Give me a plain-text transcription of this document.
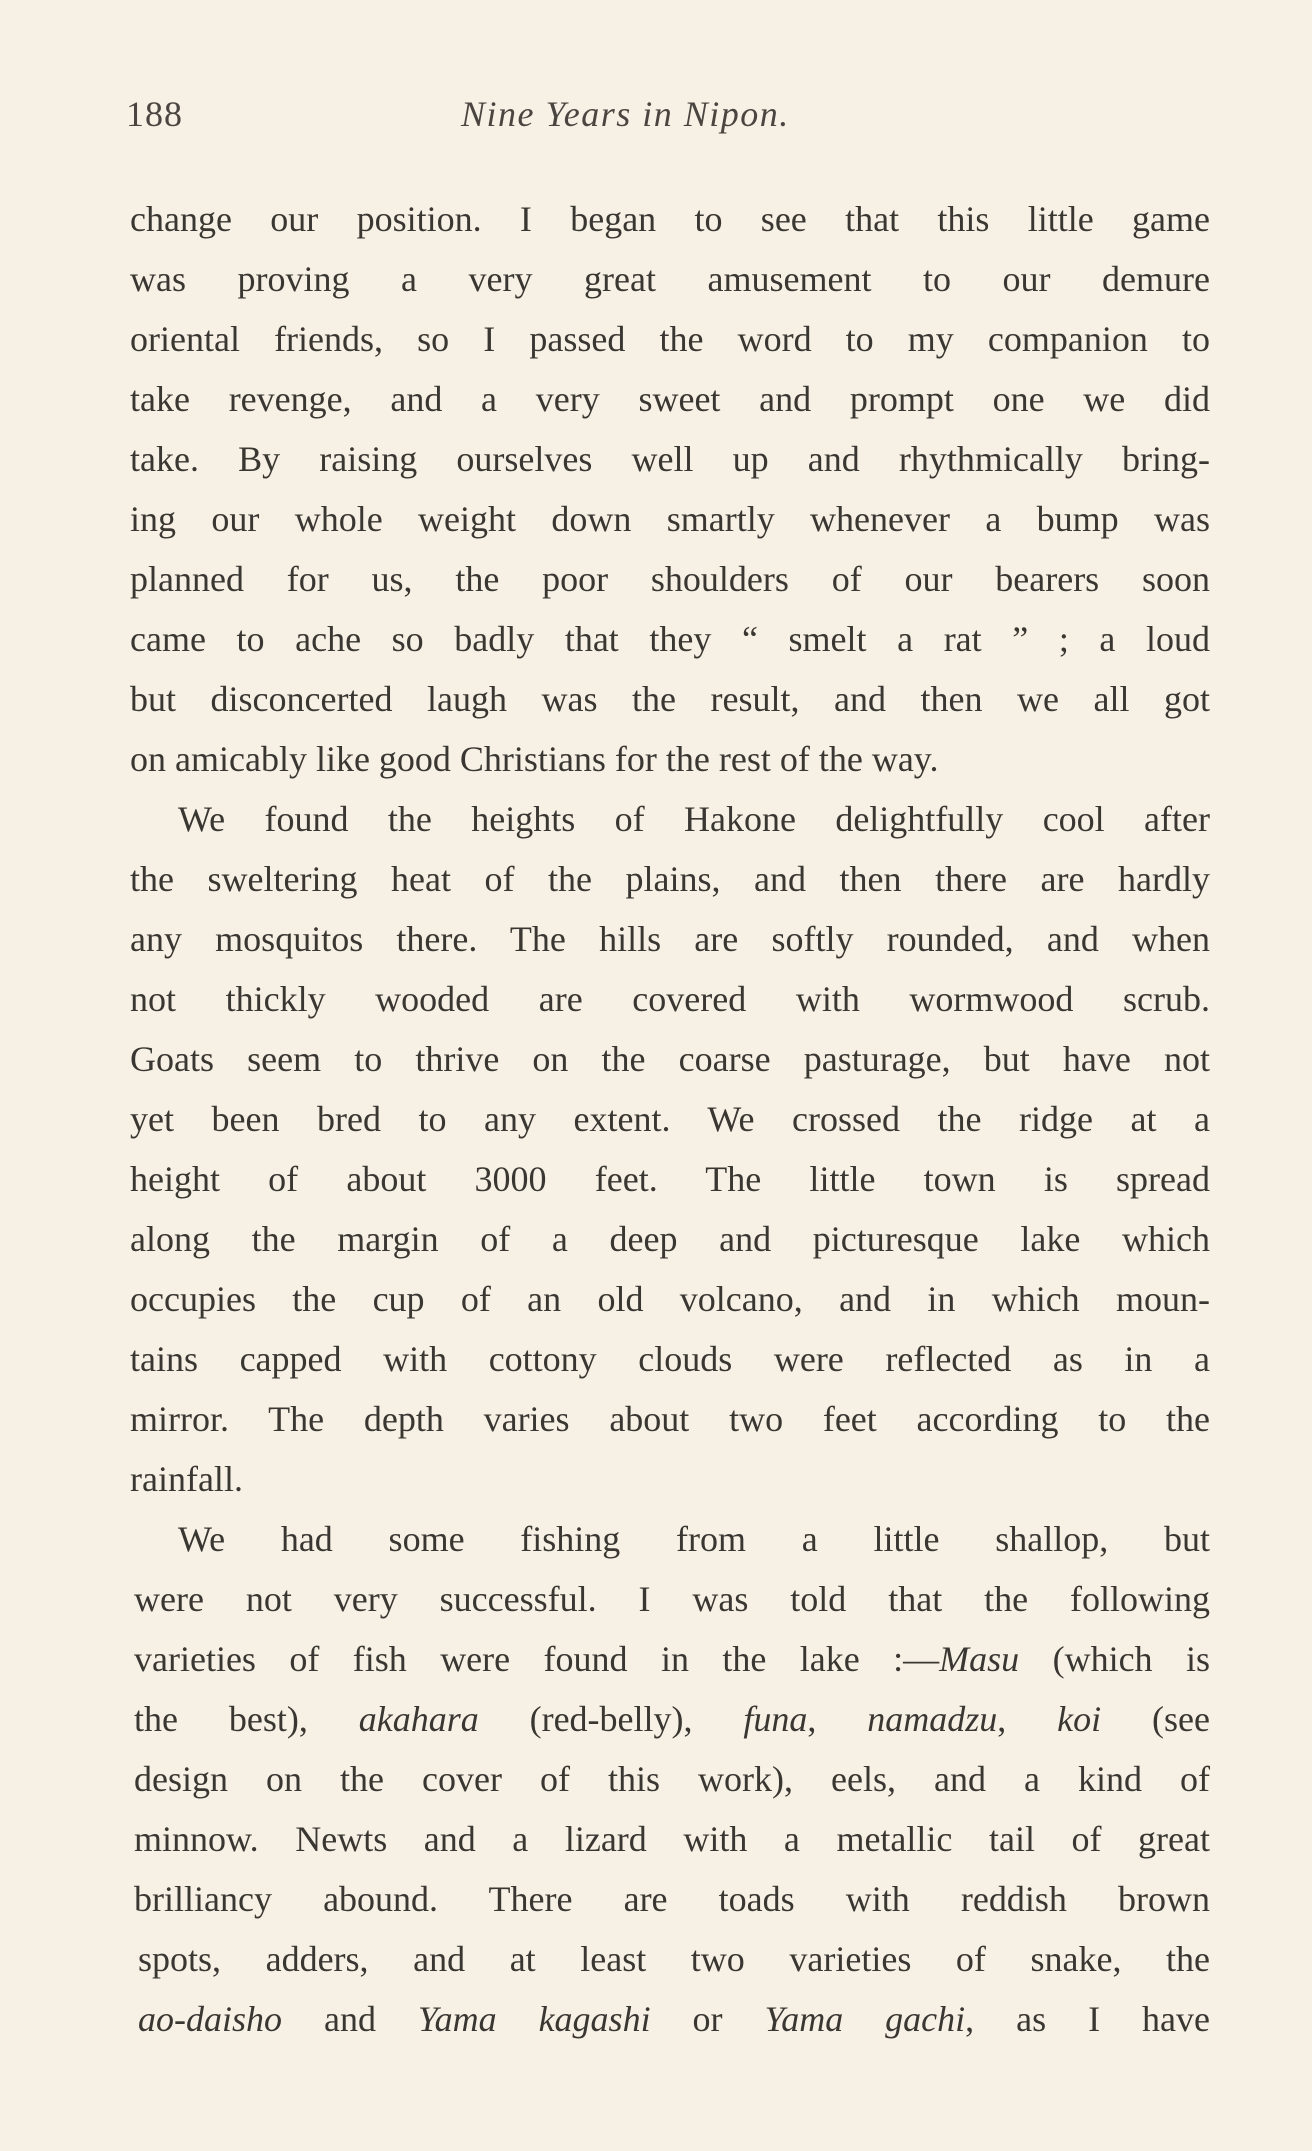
188	Nine Years in Nipon.
change our position. I began to see that this little game
was proving a very great amusement to our demure
oriental friends, so I passed the word to my companion to
take revenge, and a very sweet and prompt one we did
take. By raising ourselves well up and rhythmically bring-
ing our whole weight down smartly whenever a bump was
planned for us, the poor shoulders of our bearers soon
came to ache so badly that they “ smelt a rat ” ; a loud
but disconcerted laugh was the result, and then we all got
on amicably like good Christians for the rest of the way.
We found the heights of Hakone delightfully cool after
the sweltering heat of the plains, and then there are hardly
any mosquitos there. The hills are softly rounded, and when
not thickly wooded are covered with wormwood scrub.
Goats seem to thrive on the coarse pasturage, but have not
yet been bred to any extent. We crossed the ridge at a
height of about 3000 feet. The little town is spread
along the margin of a deep and picturesque lake which
occupies the cup of an old volcano, and in which moun-
tains capped with cottony clouds were reflected as in a
mirror. The depth varies about two feet according to the
rainfall.
We had some fishing from a little shallop, but
were not very successful. I was told that the following
varieties of fish were found in the lake :—Masu (which is
the best), akahara (red-belly), funa, namadzu, koi (see
design on the cover of this work), eels, and a kind of
minnow. Newts and a lizard with a metallic tail of great
brilliancy abound. There are toads with reddish brown
spots, adders, and at least two varieties of snake, the
ao-daisho and Yama kagashi or Yama gachi, as I have
